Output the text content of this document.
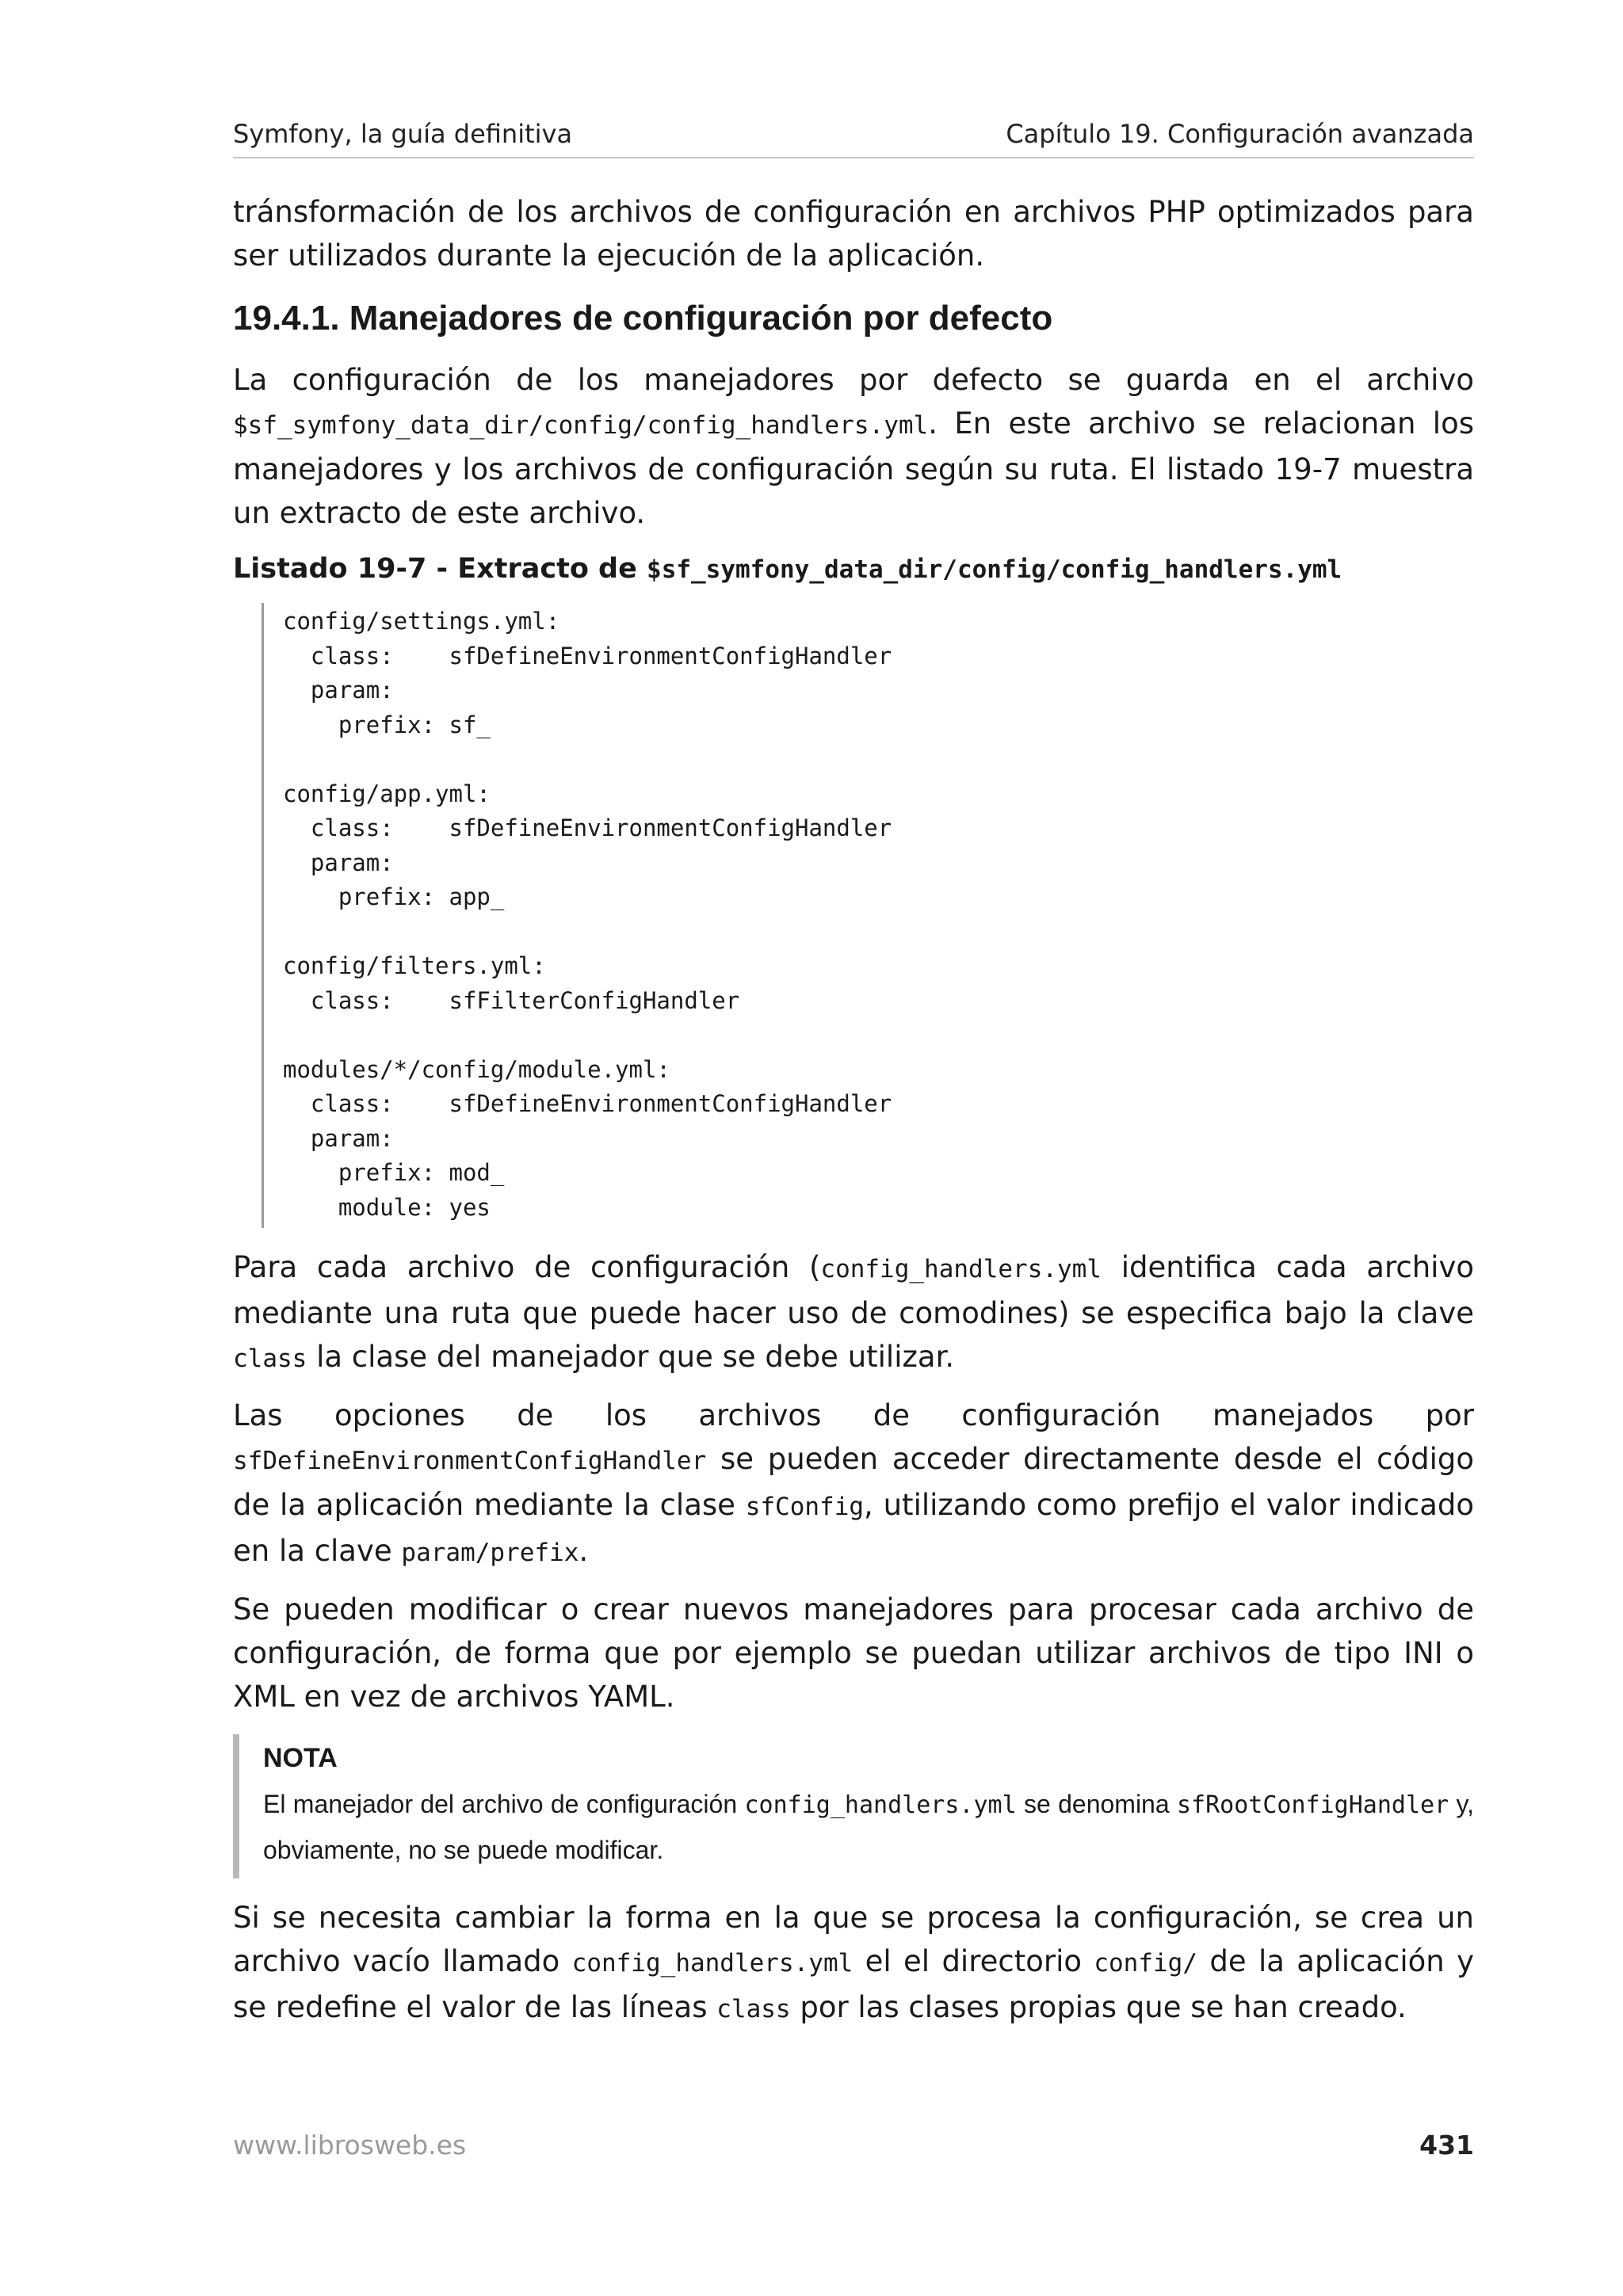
Symfony, la guía definitiva	Capítulo 19. Configuración avanzada

tránsformación de los archivos de configuración en archivos PHP optimizados para ser utilizados durante la ejecución de la aplicación.

19.4.1. Manejadores de configuración por defecto

La configuración de los manejadores por defecto se guarda en el archivo $sf_symfony_data_dir/config/config_handlers.yml. En este archivo se relacionan los manejadores y los archivos de configuración según su ruta. El listado 19-7 muestra un extracto de este archivo.

Listado 19-7 - Extracto de $sf_symfony_data_dir/config/config_handlers.yml
config/settings.yml:
class:    sfDefineEnvironmentConfigHandler
param:
prefix: sf_

config/app.yml:
class:    sfDefineEnvironmentConfigHandler
param:
prefix: app_

config/filters.yml:
class:    sfFilterConfigHandler

modules/*/config/module.yml:
class:    sfDefineEnvironmentConfigHandler
param:
prefix: mod_
module: yes

Para cada archivo de configuración (config_handlers.yml identifica cada archivo mediante una ruta que puede hacer uso de comodines) se especifica bajo la clave class la clase del manejador que se debe utilizar.

Las opciones de los archivos de configuración manejados por sfDefineEnvironmentConfigHandler se pueden acceder directamente desde el código de la aplicación mediante la clase sfConfig, utilizando como prefijo el valor indicado en la clave param/prefix.

Se pueden modificar o crear nuevos manejadores para procesar cada archivo de configuración, de forma que por ejemplo se puedan utilizar archivos de tipo INI o XML en vez de archivos YAML.

NOTA

El manejador del archivo de configuración config_handlers.yml se denomina sfRootConfigHandler y, obviamente, no se puede modificar.

Si se necesita cambiar la forma en la que se procesa la configuración, se crea un archivo vacío llamado config_handlers.yml el el directorio config/ de la aplicación y se redefine el valor de las líneas class por las clases propias que se han creado.

www.librosweb.es	431
